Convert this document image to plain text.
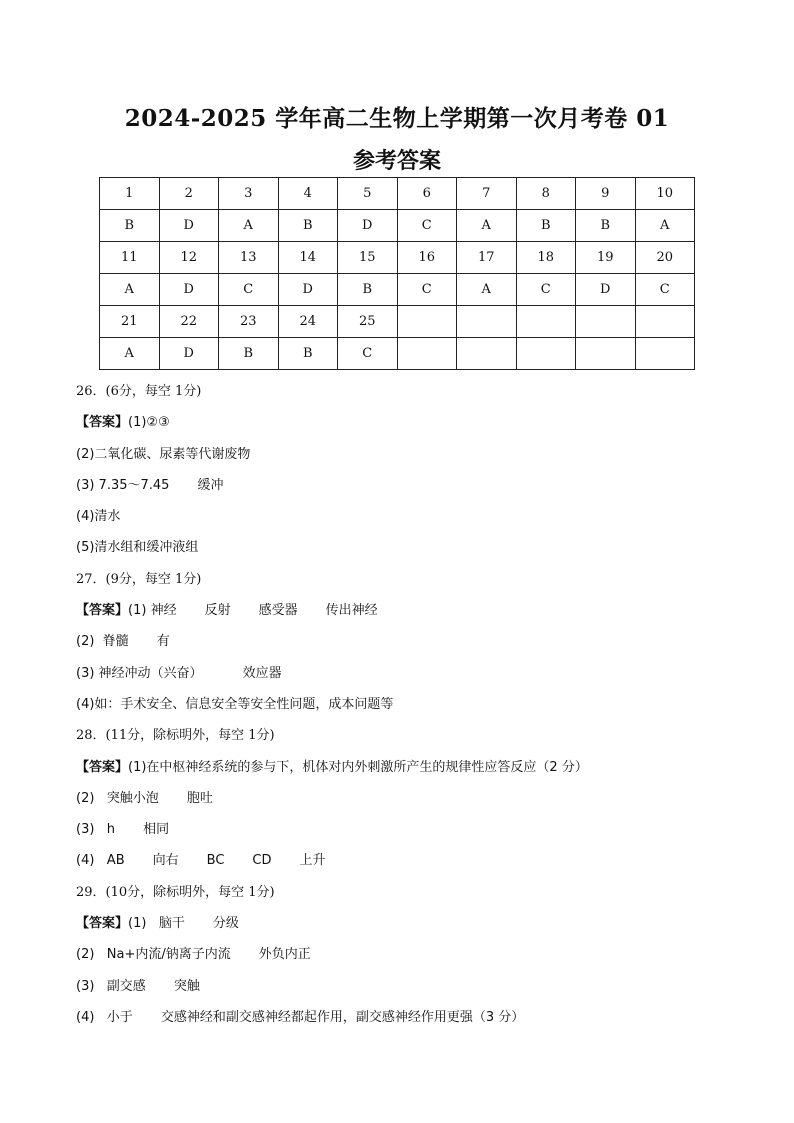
2024-2025 学年高二生物上学期第一次月考卷 01
参考答案
1	2	3	4	5	6	7	8	9	10
B	D	A	B	D	C	A	B	B	A
11	12	13	14	15	16	17	18	19	20
A	D	C	D	B	C	A	C	D	C
21	22	23	24	25					
A	D	B	B	C					
26．(6分，每空 1分)
【答案】(1)②③
(2)二氧化碳、尿素等代谢废物
(3) 7.35～7.45 缓冲
(4)清水
(5)清水组和缓冲液组
27．(9分，每空 1分)
【答案】(1) 神经 反射 感受器 传出神经
(2)  脊髓 有
(3) 神经冲动（兴奋）	效应器
(4)如：手术安全、信息安全等安全性问题，成本问题等
28．(11分，除标明外，每空 1分)
【答案】(1)在中枢神经系统的参与下，机体对内外刺激所产生的规律性应答反应（2 分）
(2)   突触小泡 胞吐
(3)   h 相同
(4)   AB 向右 BC CD 上升
29．(10分，除标明外，每空 1分)
【答案】(1)   脑干 分级
(2)   Na+内流/钠离子内流 外负内正
(3)   副交感 突触
(4)   小于 交感神经和副交感神经都起作用，副交感神经作用更强（3 分）
